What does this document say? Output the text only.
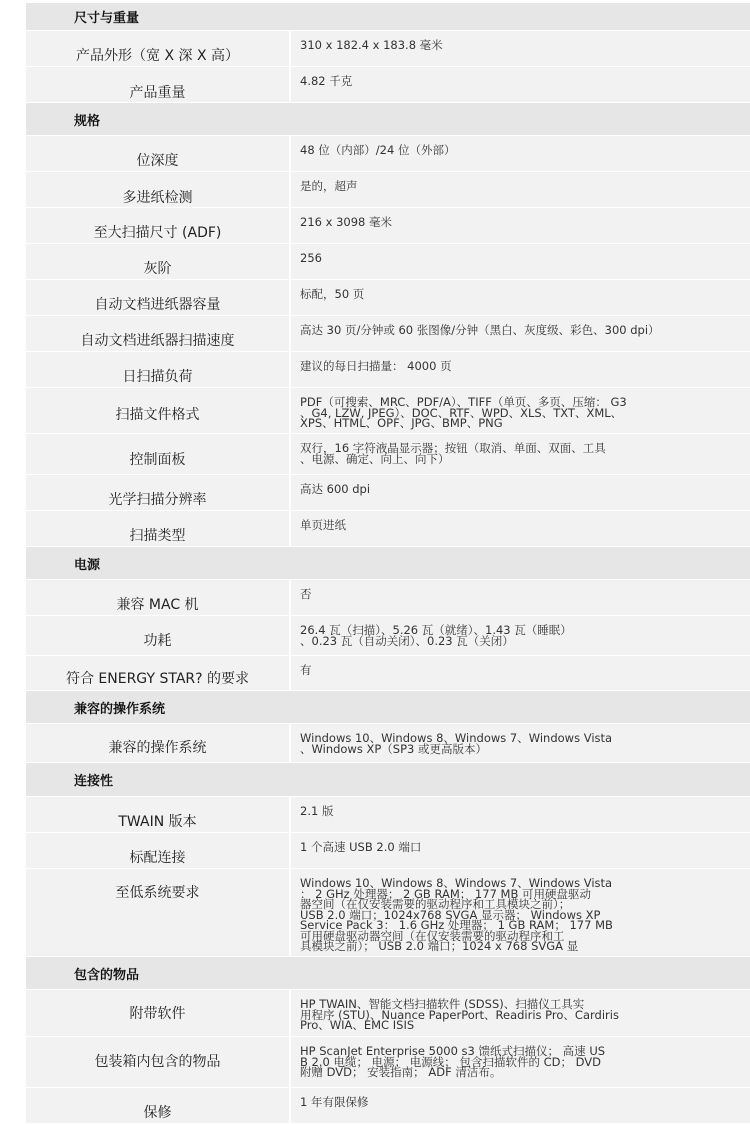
尺寸与重量
产品外形（宽 X 深 X 高）
310 x 182.4 x 183.8 毫米
产品重量
4.82 千克
规格
位深度
48 位（内部）/24 位（外部）
多进纸检测
是的，超声
至大扫描尺寸 (ADF)
216 x 3098 毫米
灰阶
256
自动文档进纸器容量
标配，50 页
自动文档进纸器扫描速度
高达 30 页/分钟或 60 张图像/分钟（黑白、灰度级、彩色、300 dpi）
日扫描负荷
建议的每日扫描量： 4000 页
扫描文件格式
PDF（可搜索、MRC、PDF/A）、TIFF（单页、多页、压缩： G3
、G4, LZW, JPEG）、DOC、RTF、WPD、XLS、TXT、XML、
XPS、HTML、OPF、JPG、BMP、PNG
控制面板
双行，16 字符液晶显示器；按钮（取消、单面、双面、工具
、电源、确定、向上、向下）
光学扫描分辨率
高达 600 dpi
扫描类型
单页进纸
电源
兼容 MAC 机
否
功耗
26.4 瓦（扫描）、5.26 瓦（就绪）、1.43 瓦（睡眠）
、0.23 瓦（自动关闭）、0.23 瓦（关闭）
符合 ENERGY STAR? 的要求
有
兼容的操作系统
兼容的操作系统
Windows 10、Windows 8、Windows 7、Windows Vista
、Windows XP（SP3 或更高版本）
连接性
TWAIN 版本
2.1 版
标配连接
1 个高速 USB 2.0 端口
至低系统要求
Windows 10、Windows 8、Windows 7、Windows Vista
： 2 GHz 处理器； 2 GB RAM； 177 MB 可用硬盘驱动
器空间（在仅安装需要的驱动程序和工具模块之前）；
USB 2.0 端口；1024x768 SVGA 显示器； Windows XP
Service Pack 3： 1.6 GHz 处理器； 1 GB RAM； 177 MB
可用硬盘驱动器空间（在仅安装需要的驱动程序和工
具模块之前）； USB 2.0 端口；1024 x 768 SVGA 显
包含的物品
附带软件
HP TWAIN、智能文档扫描软件 (SDSS)、扫描仪工具实
用程序 (STU)、Nuance PaperPort、Readiris Pro、Cardiris
Pro、WIA、EMC ISIS
包装箱内包含的物品
HP ScanJet Enterprise 5000 s3 馈纸式扫描仪； 高速 US
B 2.0 电缆； 电源； 电源线； 包含扫描软件的 CD； DVD
附赠 DVD； 安装指南； ADF 清洁布。
保修
1 年有限保修
